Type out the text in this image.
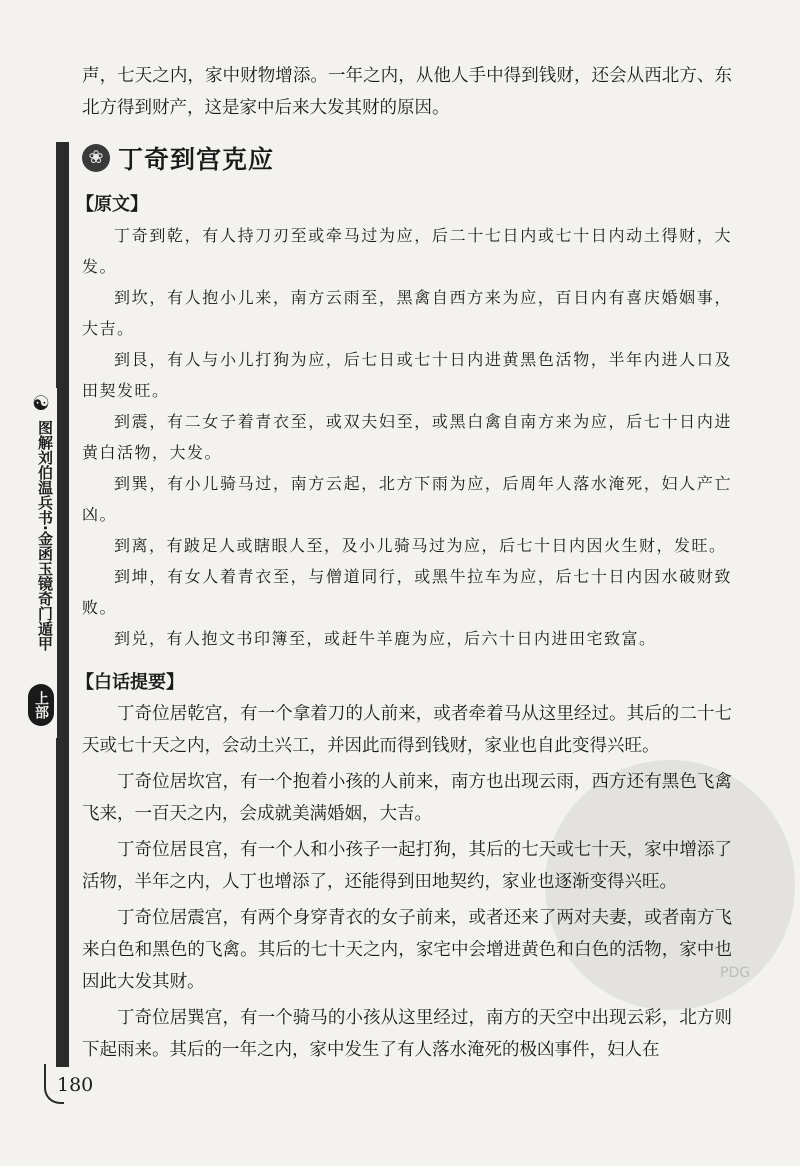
PDG
☯
图解刘伯温兵书·金函玉镜奇门遁甲
上部

声，七天之内，家中财物增添。一年之内，从他人手中得到钱财，还会从西北方、东北方得到财产，这是家中后来大发其财的原因。

❀ 丁奇到宫克应
【原文】

丁奇到乾，有人持刀刃至或牵马过为应，后二十七日内或七十日内动土得财，大发。

到坎，有人抱小儿来，南方云雨至，黑禽自西方来为应，百日内有喜庆婚姻事，大吉。

到艮，有人与小儿打狗为应，后七日或七十日内进黄黑色活物，半年内进人口及田契发旺。

到震，有二女子着青衣至，或双夫妇至，或黑白禽自南方来为应，后七十日内进黄白活物，大发。

到巽，有小儿骑马过，南方云起，北方下雨为应，后周年人落水淹死，妇人产亡凶。

到离，有跛足人或瞎眼人至，及小儿骑马过为应，后七十日内因火生财，发旺。

到坤，有女人着青衣至，与僧道同行，或黑牛拉车为应，后七十日内因水破财致败。

到兑，有人抱文书印簿至，或赶牛羊鹿为应，后六十日内进田宅致富。

【白话提要】

丁奇位居乾宫，有一个拿着刀的人前来，或者牵着马从这里经过。其后的二十七天或七十天之内，会动土兴工，并因此而得到钱财，家业也自此变得兴旺。

丁奇位居坎宫，有一个抱着小孩的人前来，南方也出现云雨，西方还有黑色飞禽飞来，一百天之内，会成就美满婚姻，大吉。

丁奇位居艮宫，有一个人和小孩子一起打狗，其后的七天或七十天，家中增添了活物，半年之内，人丁也增添了，还能得到田地契约，家业也逐渐变得兴旺。

丁奇位居震宫，有两个身穿青衣的女子前来，或者还来了两对夫妻，或者南方飞来白色和黑色的飞禽。其后的七十天之内，家宅中会增进黄色和白色的活物，家中也因此大发其财。

丁奇位居巽宫，有一个骑马的小孩从这里经过，南方的天空中出现云彩，北方则下起雨来。其后的一年之内，家中发生了有人落水淹死的极凶事件，妇人在

180
